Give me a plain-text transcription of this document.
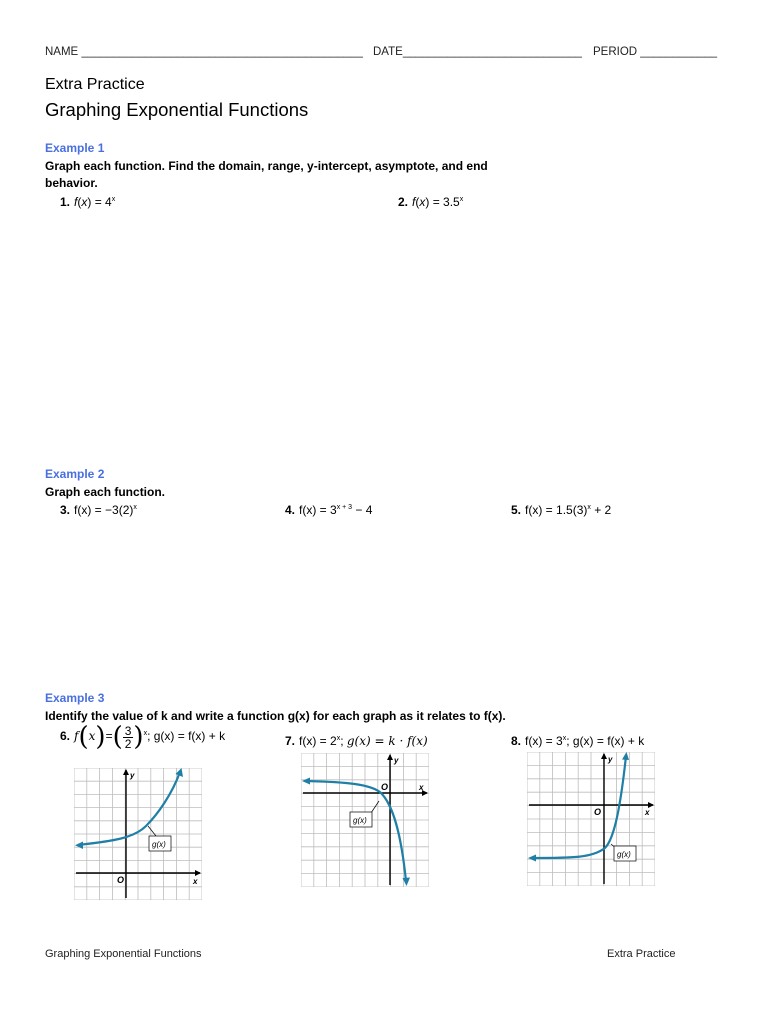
NAME ____________________________________________ DATE____________________________ PERIOD ____________
Extra Practice
Graphing Exponential Functions
Example 1
Graph each function. Find the domain, range, y-intercept, asymptote, and end behavior.
1. $f(x) = 4^x$	2. $f(x) = 3.5^x$
Example 2
Graph each function.
3. $f(x) = -3(2)^x$	4. $f(x) = 3^{x + 3} - 4$	5. $f(x) = 1.5(3)^x + 2$
Example 3
Identify the value of k and write a function g(x) for each graph as it relates to f(x).
6. $f(x)=( \frac{3}{2} )^x$; g(x) = f(x) + k	7. $f(x) = 2^x$; g(x) = k · f(x)	8. $f(x) = 3^x$; g(x) = f(x) + k
y
x
O
g(x)
y
x
O
g(x)
y
x
O
g(x)
Graphing Exponential Functions	Extra Practice
